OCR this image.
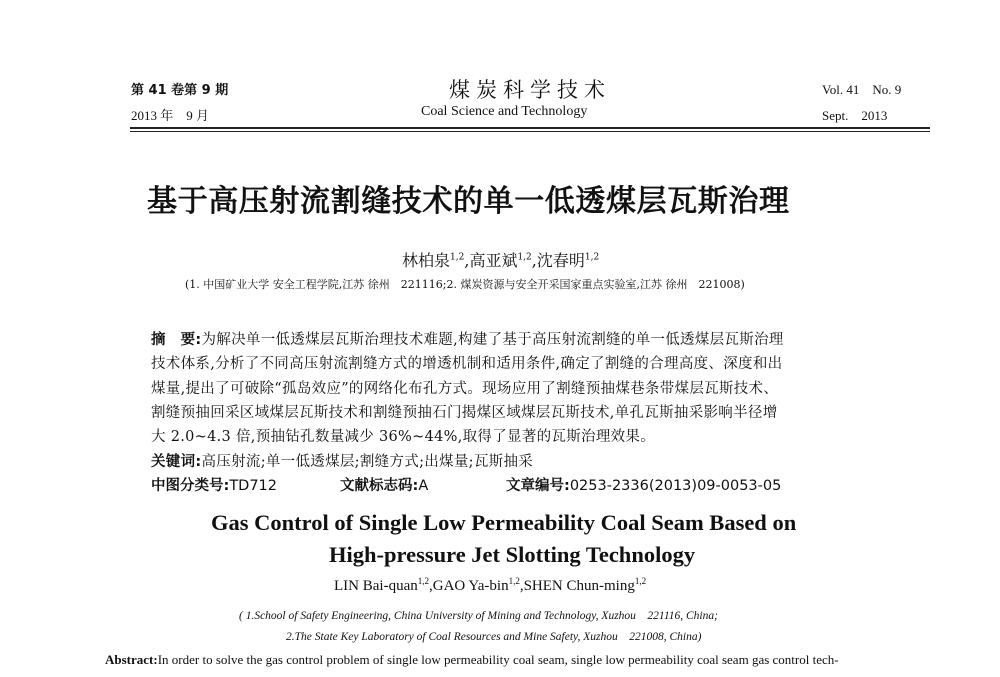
第 41 卷第 9 期
2013 年　9 月
煤炭科学技术
Coal Science and Technology
Vol. 41　No. 9
Sept.　2013
基于高压射流割缝技术的单一低透煤层瓦斯治理
林柏泉$^{1,2}$,高亚斌$^{1,2}$,沈春明$^{1,2}$
(1. 中国矿业大学 安全工程学院,江苏 徐州　221116;2. 煤炭资源与安全开采国家重点实验室,江苏 徐州　221008)
摘　要:为解决单一低透煤层瓦斯治理技术难题,构建了基于高压射流割缝的单一低透煤层瓦斯治理
技术体系,分析了不同高压射流割缝方式的增透机制和适用条件,确定了割缝的合理高度、深度和出
煤量,提出了可破除“孤岛效应”的网络化布孔方式。现场应用了割缝预抽煤巷条带煤层瓦斯技术、
割缝预抽回采区域煤层瓦斯技术和割缝预抽石门揭煤区域煤层瓦斯技术,单孔瓦斯抽采影响半径增
大 2.0~4.3 倍,预抽钻孔数量减少 36%~44%,取得了显著的瓦斯治理效果。
关键词:高压射流;单一低透煤层;割缝方式;出煤量;瓦斯抽采
中图分类号:TD712	文献标志码:A	文章编号:0253-2336(2013)09-0053-05
Gas Control of Single Low Permeability Coal Seam Based on
High-pressure Jet Slotting Technology
LIN Bai-quan$^{1,2}$,GAO Ya-bin$^{1,2}$,SHEN Chun-ming$^{1,2}$
( 1.School of Safety Engineering, China University of Mining and Technology, Xuzhou　221116, China;
2.The State Key Laboratory of Coal Resources and Mine Safety, Xuzhou　221008, China)
Abstract:In order to solve the gas control problem of single low permeability coal seam, single low permeability coal seam gas control tech-
